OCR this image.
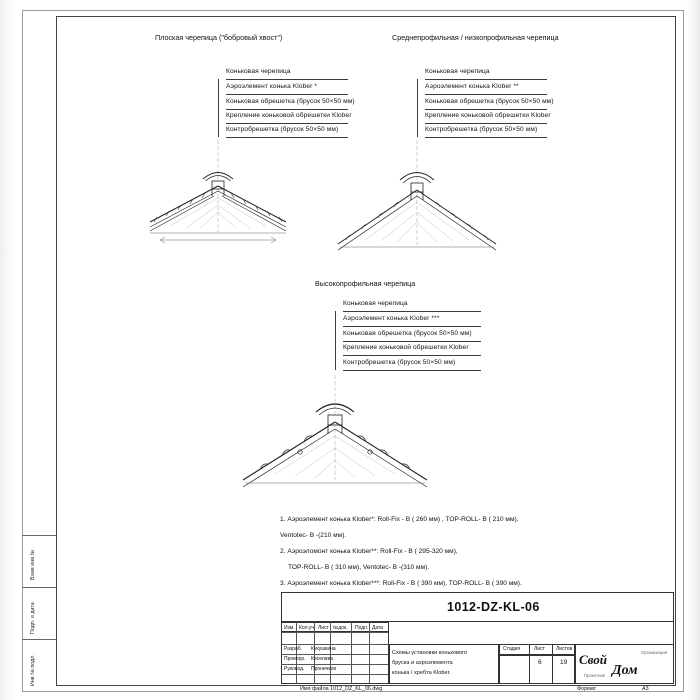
Инв № подл.
Подп. и дата
Взам инв.№
Плоская черепица ("бобровый хвост")	Среднепрофильная / низкопрофильная черепица
Высокопрофильная черепица
Коньковая черепица
Аэроэлемент конька Klober *
Коньковая обрешетка (брусок 50×50 мм)
Крепление коньковой обрешетки Klober
Контробрешетка (брусок 50×50 мм)
Коньковая черепица
Аэроэлемент конька Klober **
Коньковая обрешетка (брусок 50×50 мм)
Крепление коньковой обрешетки Klober
Контробрешетка (брусок 50×50 мм)
Коньковая черепица
Аэроэлемент конька Klober ***
Коньковая обрешетка (брусок 50×50 мм)
Крепление коньковой обрешетки Klober
Контробрешетка (брусок 50×50 мм)
1. Аэроэлемент конька Klober*: Roll-Fix - B ( 260 мм) , TOP-ROLL- B ( 210 мм),
Ventotec- B -(210 мм).
2. Аэроэломонт конька Klober**: Roll-Fix - B ( 295-320 мм),
TOP-ROLL- B ( 310 мм), Ventotec- B -(310 мм).
3. Аэроэлемент конька Klober***: Roll-Fix - B ( 390 мм), TOP-ROLL- B ( 390 мм).
1012-DZ-KL-06
Изм. Кол.уч Лист №док. Подп. Дата
Разраб. Кукушкина
Проверр. Киселева
Руковод. Проничков
Схемы установки конькового
бруска и аэроэлемента
конька / хребта Klober.
Стадия	Лист Листов
6	19 Свой
Дом
Проектная
Организация
Имя файла 1012_DZ_KL_06.dwg	Формат	A3
